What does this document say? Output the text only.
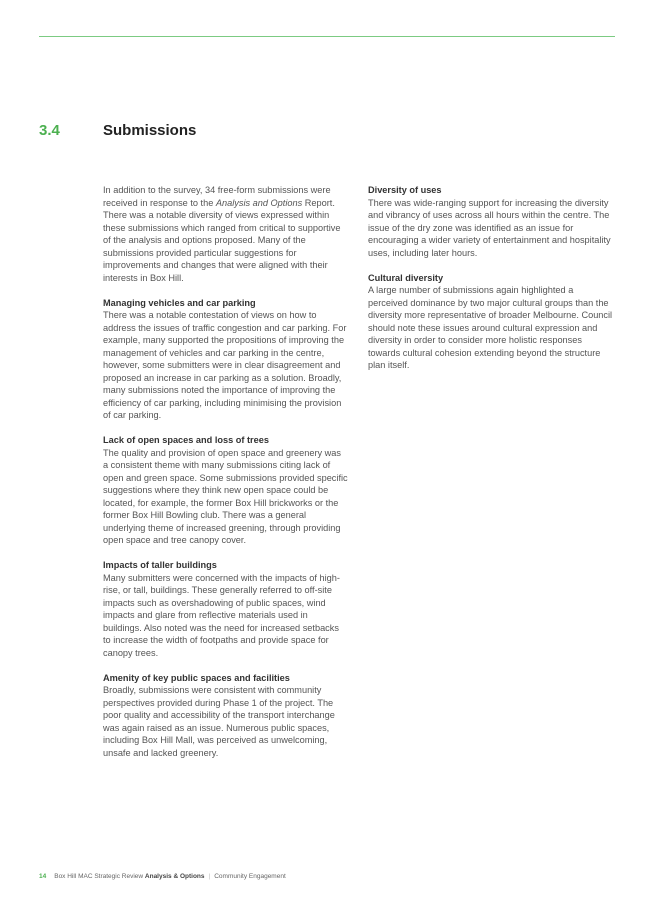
3.4	Submissions

In addition to the survey, 34 free-form submissions were received in response to the Analysis and Options Report. There was a notable diversity of views expressed within these submissions which ranged from critical to supportive of the analysis and options proposed. Many of the submissions provided particular suggestions for improvements and changes that were aligned with their interests in Box Hill.

Managing vehicles and car parking

There was a notable contestation of views on how to address the issues of traffic congestion and car parking. For example, many supported the propositions of improving the management of vehicles and car parking in the centre, however, some submitters were in clear disagreement and proposed an increase in car parking as a solution. Broadly, many submissions noted the importance of improving the efficiency of car parking, including minimising the provision of car parking.

Lack of open spaces and loss of trees

The quality and provision of open space and greenery was a consistent theme with many submissions citing lack of open and green space. Some submissions provided specific suggestions where they think new open space could be located, for example, the former Box Hill brickworks or the former Box Hill Bowling club. There was a general underlying theme of increased greening, through providing open space and tree canopy cover.

Impacts of taller buildings

Many submitters were concerned with the impacts of high-rise, or tall, buildings. These generally referred to off-site impacts such as overshadowing of public spaces, wind impacts and glare from reflective materials used in buildings. Also noted was the need for increased setbacks to increase the width of footpaths and provide space for canopy trees.

Amenity of key public spaces and facilities

Broadly, submissions were consistent with community perspectives provided during Phase 1 of the project. The poor quality and accessibility of the transport interchange was again raised as an issue. Numerous public spaces, including Box Hill Mall, was perceived as unwelcoming, unsafe and lacked greenery.

Diversity of uses

There was wide-ranging support for increasing the diversity and vibrancy of uses across all hours within the centre. The issue of the dry zone was identified as an issue for encouraging a wider variety of entertainment and hospitality uses, including later hours.

Cultural diversity

A large number of submissions again highlighted a perceived dominance by two major cultural groups than the diversity more representative of broader Melbourne. Council should note these issues around cultural expression and diversity in order to consider more holistic responses towards cultural cohesion extending beyond the structure plan itself.

14 Box Hill MAC Strategic Review Analysis & Options | Community Engagement
